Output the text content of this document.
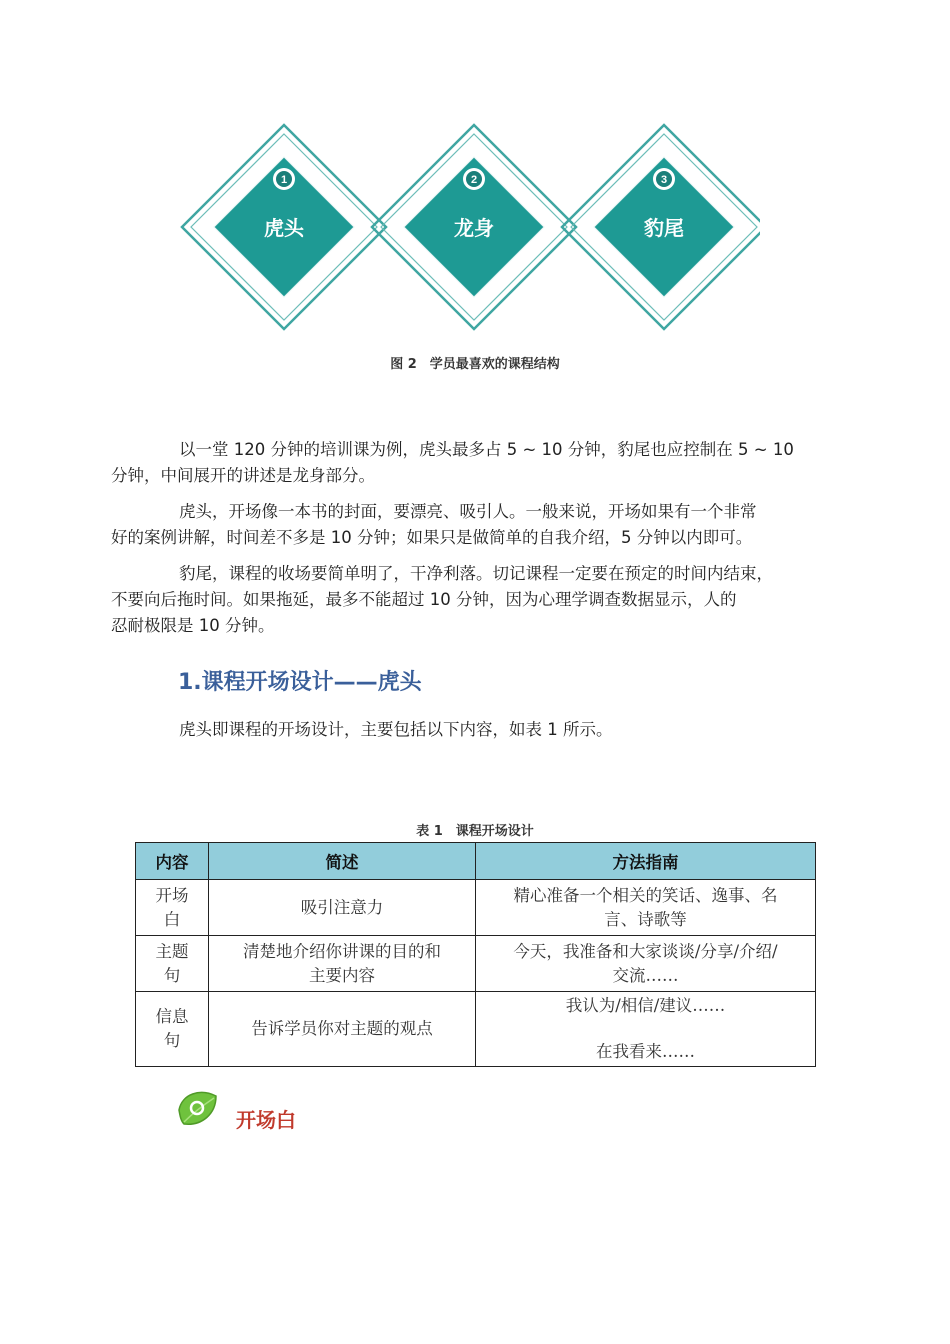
1
虎头
2
龙身
3
豹尾
图 2　学员最喜欢的课程结构

以一堂 120 分钟的培训课为例，虎头最多占 5 ~ 10 分钟，豹尾也应控制在 5 ~ 10
分钟，中间展开的讲述是龙身部分。

虎头，开场像一本书的封面，要漂亮、吸引人。一般来说，开场如果有一个非常
好的案例讲解，时间差不多是 10 分钟；如果只是做简单的自我介绍，5 分钟以内即可。

豹尾，课程的收场要简单明了，干净利落。切记课程一定要在预定的时间内结束，
不要向后拖时间。如果拖延，最多不能超过 10 分钟，因为心理学调查数据显示，人的
忍耐极限是 10 分钟。

1.课程开场设计——虎头

虎头即课程的开场设计，主要包括以下内容，如表 1 所示。

表 1　课程开场设计
内容	简述	方法指南

开场
白	吸引注意力	精心准备一个相关的笑话、逸事、名
言、诗歌等

主题
句	清楚地介绍你讲课的目的和
主要内容	今天，我准备和大家谈谈/分享/介绍/
交流……

信息
句	告诉学员你对主题的观点	我认为/相信/建议……
在我看来……
开场白
